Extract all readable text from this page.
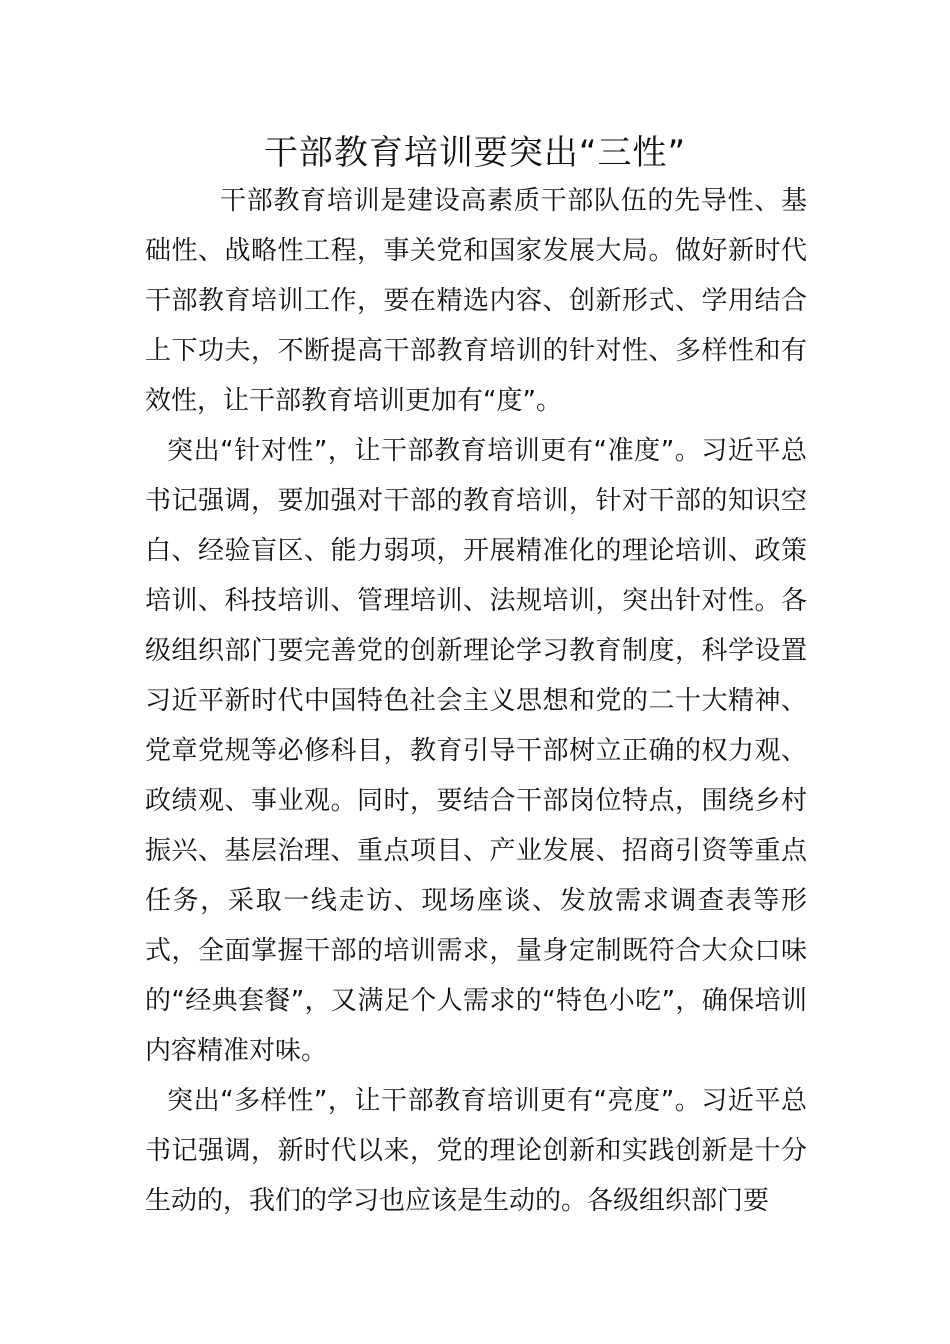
干部教育培训要突出“三性”

干部教育培训是建设高素质干部队伍的先导性、基础性、战略性工程，事关党和国家发展大局。做好新时代干部教育培训工作，要在精选内容、创新形式、学用结合上下功夫，不断提高干部教育培训的针对性、多样性和有效性，让干部教育培训更加有“度”。

突出“针对性”，让干部教育培训更有“准度”。习近平总书记强调，要加强对干部的教育培训，针对干部的知识空白、经验盲区、能力弱项，开展精准化的理论培训、政策培训、科技培训、管理培训、法规培训，突出针对性。各级组织部门要完善党的创新理论学习教育制度，科学设置习近平新时代中国特色社会主义思想和党的二十大精神、党章党规等必修科目，教育引导干部树立正确的权力观、政绩观、事业观。同时，要结合干部岗位特点，围绕乡村振兴、基层治理、重点项目、产业发展、招商引资等重点任务，采取一线走访、现场座谈、发放需求调查表等形式，全面掌握干部的培训需求，量身定制既符合大众口味的“经典套餐”，又满足个人需求的“特色小吃”，确保培训内容精准对味。

突出“多样性”，让干部教育培训更有“亮度”。习近平总书记强调，新时代以来，党的理论创新和实践创新是十分生动的，我们的学习也应该是生动的。各级组织部门要
